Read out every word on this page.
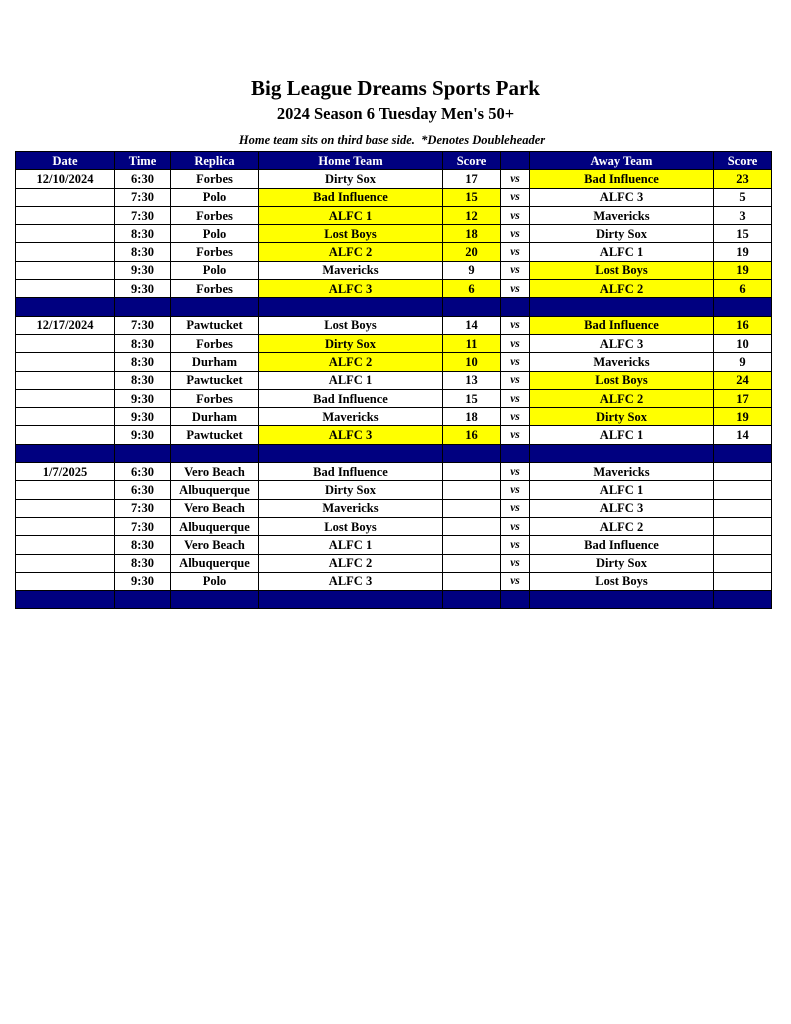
Big League Dreams Sports Park
2024 Season 6 Tuesday Men's 50+
Home team sits on third base side.  *Denotes Doubleheader
Date	Time	Replica	Home Team	Score		Away Team	Score
12/10/2024	6:30	Forbes	Dirty Sox	17	vs	Bad Influence	23
	7:30	Polo	Bad Influence	15	vs	ALFC 3	5
	7:30	Forbes	ALFC 1	12	vs	Mavericks	3
	8:30	Polo	Lost Boys	18	vs	Dirty Sox	15
	8:30	Forbes	ALFC 2	20	vs	ALFC 1	19
	9:30	Polo	Mavericks	9	vs	Lost Boys	19
	9:30	Forbes	ALFC 3	6	vs	ALFC 2	6

12/17/2024	7:30	Pawtucket	Lost Boys	14	vs	Bad Influence	16
	8:30	Forbes	Dirty Sox	11	vs	ALFC 3	10
	8:30	Durham	ALFC 2	10	vs	Mavericks	9
	8:30	Pawtucket	ALFC 1	13	vs	Lost Boys	24
	9:30	Forbes	Bad Influence	15	vs	ALFC 2	17
	9:30	Durham	Mavericks	18	vs	Dirty Sox	19
	9:30	Pawtucket	ALFC 3	16	vs	ALFC 1	14

1/7/2025	6:30	Vero Beach	Bad Influence		vs	Mavericks	
	6:30	Albuquerque	Dirty Sox		vs	ALFC 1	
	7:30	Vero Beach	Mavericks		vs	ALFC 3	
	7:30	Albuquerque	Lost Boys		vs	ALFC 2	
	8:30	Vero Beach	ALFC 1		vs	Bad Influence	
	8:30	Albuquerque	ALFC 2		vs	Dirty Sox	
	9:30	Polo	ALFC 3		vs	Lost Boys	
